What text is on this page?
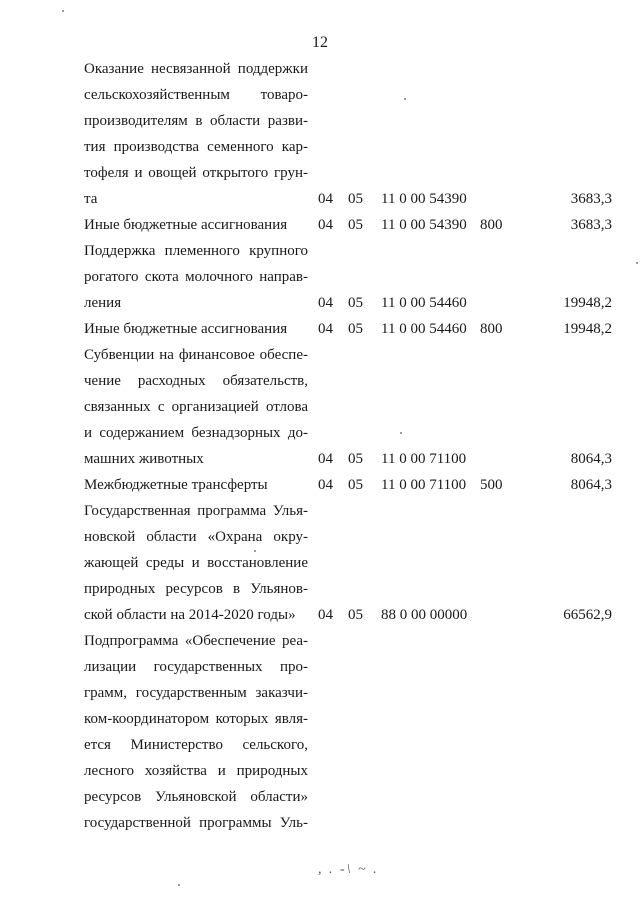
12
Оказание несвязанной поддержки
сельскохозяйственным товаро-
производителям в области разви-
тия производства семенного кар-
тофеля и овощей открытого грун-
та	04 05 11 0 00 54390	3683,3
Иные бюджетные ассигнования	04 05 11 0 00 54390 800	3683,3
Поддержка племенного крупного
рогатого скота молочного направ-
ления	04 05 11 0 00 54460	19948,2
Иные бюджетные ассигнования	04 05 11 0 00 54460 800	19948,2
Субвенции на финансовое обеспе-
чение расходных обязательств,
связанных с организацией отлова
и содержанием безнадзорных до-
машних животных	04 05 11 0 00 71100	8064,3
Межбюджетные трансферты	04 05 11 0 00 71100 500	8064,3
Государственная программа Улья-
новской области «Охрана окру-
жающей среды и восстановление
природных ресурсов в Ульянов-
ской области на 2014-2020 годы»	04 05 88 0 00 00000	66562,9
Подпрограмма «Обеспечение реа-
лизации государственных про-
грамм, государственным заказчи-
ком-координатором которых явля-
ется Министерство сельского,
лесного хозяйства и природных
ресурсов Ульяновской области»
государственной программы Уль-
, . -\ ~ .
